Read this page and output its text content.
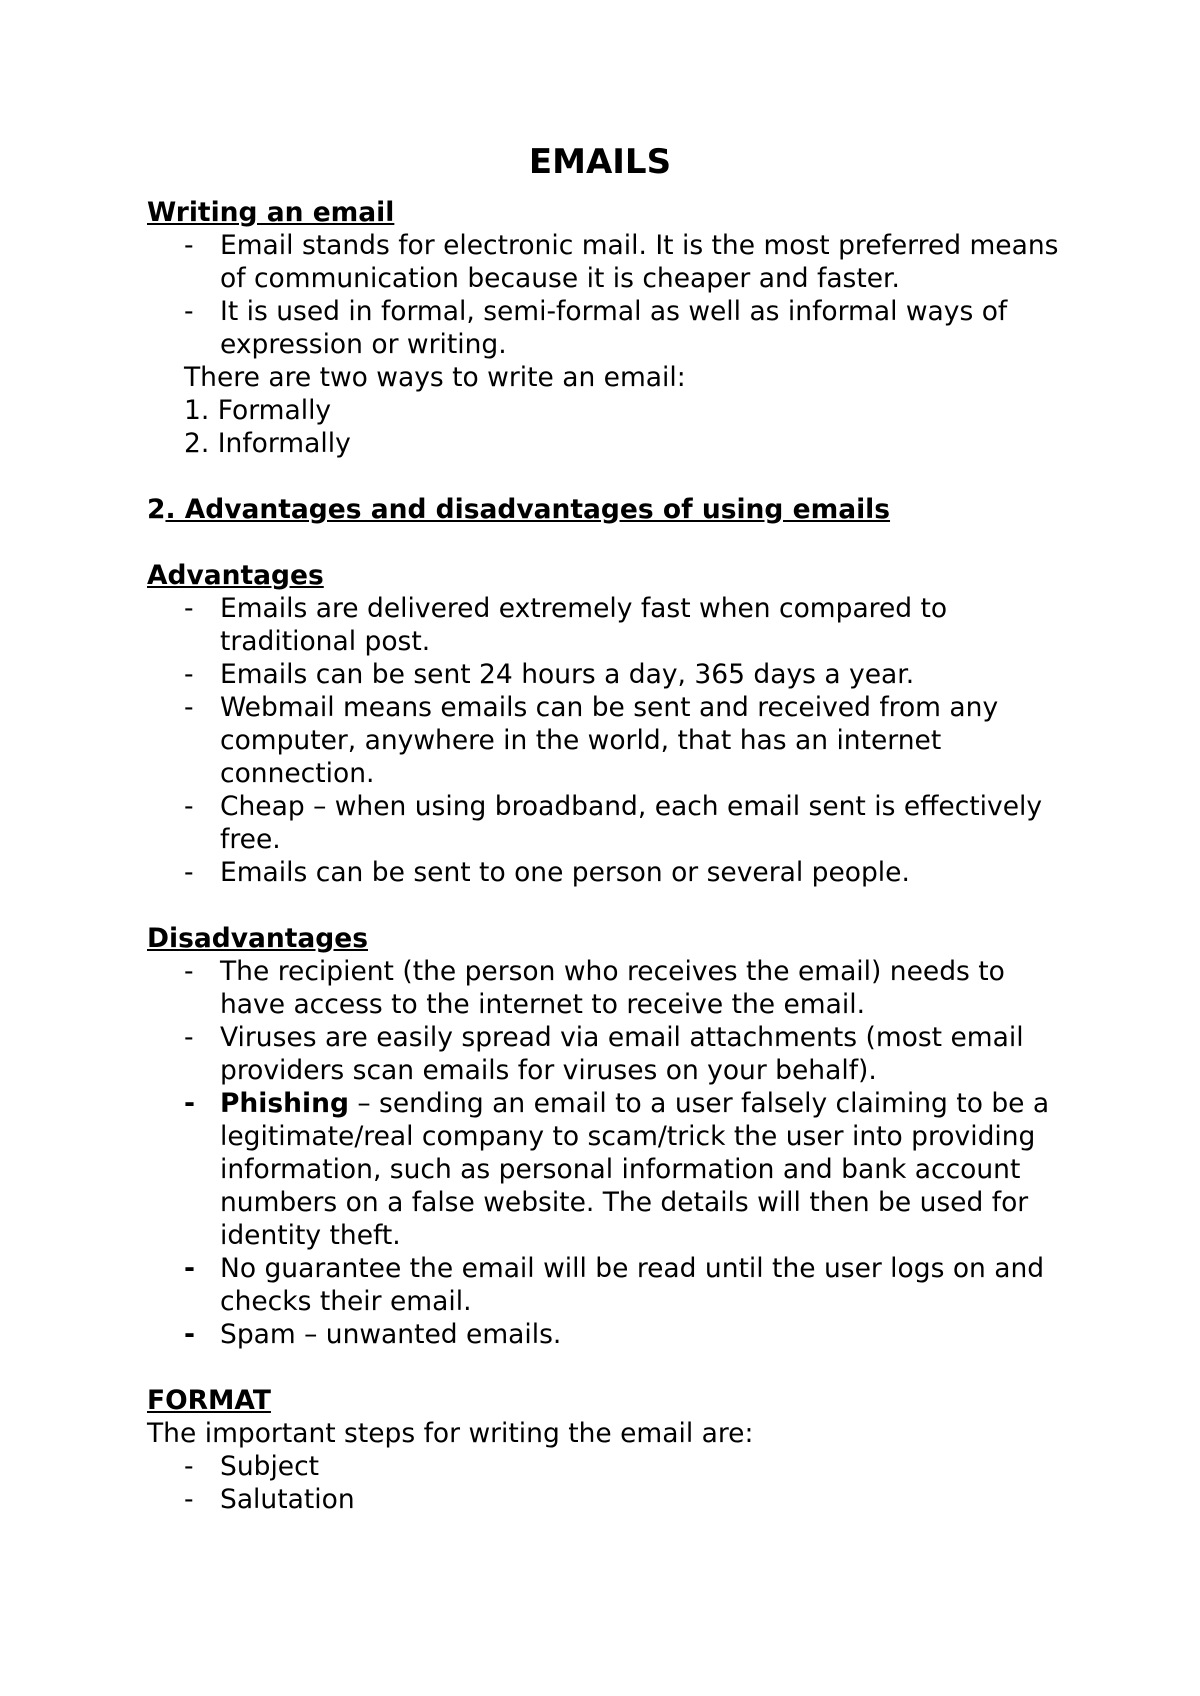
EMAILS
Writing an email
- Email stands for electronic mail. It is the most preferred means of communication because it is cheaper and faster.
- It is used in formal, semi-formal as well as informal ways of expression or writing.
There are two ways to write an email:
1. Formally
2. Informally
2. Advantages and disadvantages of using emails
Advantages
- Emails are delivered extremely fast when compared to traditional post.
- Emails can be sent 24 hours a day, 365 days a year.
- Webmail means emails can be sent and received from any computer, anywhere in the world, that has an internet connection.
- Cheap – when using broadband, each email sent is effectively free.
- Emails can be sent to one person or several people.
Disadvantages
- The recipient (the person who receives the email) needs to have access to the internet to receive the email.
- Viruses are easily spread via email attachments (most email providers scan emails for viruses on your behalf).
- Phishing – sending an email to a user falsely claiming to be a legitimate/real company to scam/trick the user into providing information, such as personal information and bank account numbers on a false website. The details will then be used for identity theft.
- No guarantee the email will be read until the user logs on and checks their email.
- Spam – unwanted emails.
FORMAT
The important steps for writing the email are:
- Subject
- Salutation
